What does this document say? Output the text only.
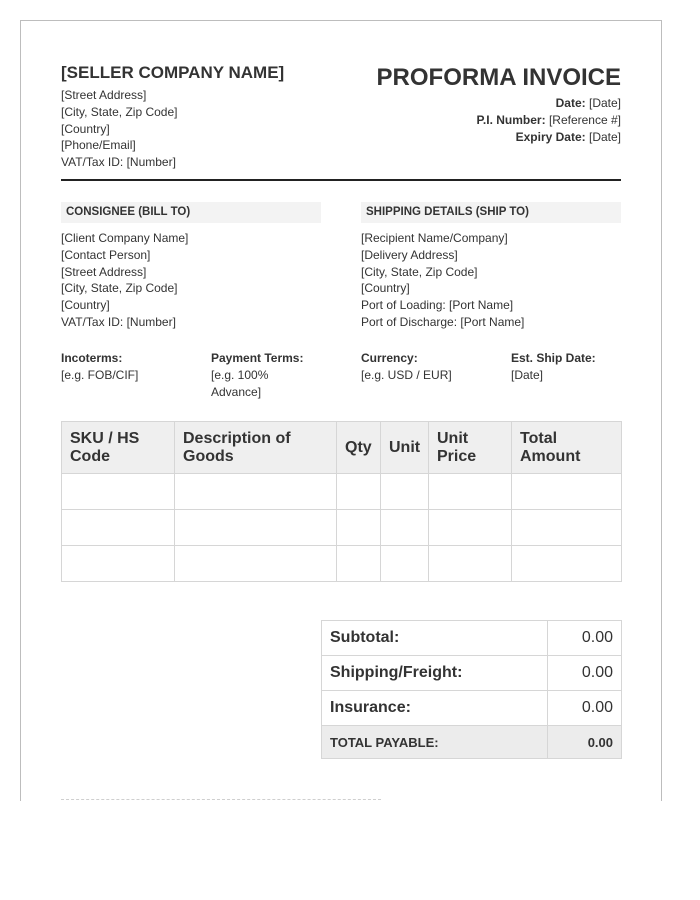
[SELLER COMPANY NAME]
[Street Address]
[City, State, Zip Code]
[Country]
[Phone/Email]
VAT/Tax ID: [Number]
PROFORMA INVOICE
Date: [Date]
P.I. Number: [Reference #]
Expiry Date: [Date]
CONSIGNEE (BILL TO)
[Client Company Name]
[Contact Person]
[Street Address]
[City, State, Zip Code]
[Country]
VAT/Tax ID: [Number]
SHIPPING DETAILS (SHIP TO)
[Recipient Name/Company]
[Delivery Address]
[City, State, Zip Code]
[Country]
Port of Loading: [Port Name]
Port of Discharge: [Port Name]
Incoterms:
[e.g. FOB/CIF]
Payment Terms:
[e.g. 100% Advance]
Currency:
[e.g. USD / EUR]
Est. Ship Date:
[Date]
SKU / HS Code	Description of Goods	Qty	Unit	Unit Price	Total Amount

Subtotal:	0.00
Shipping/Freight:	0.00
Insurance:	0.00
TOTAL PAYABLE:	0.00
